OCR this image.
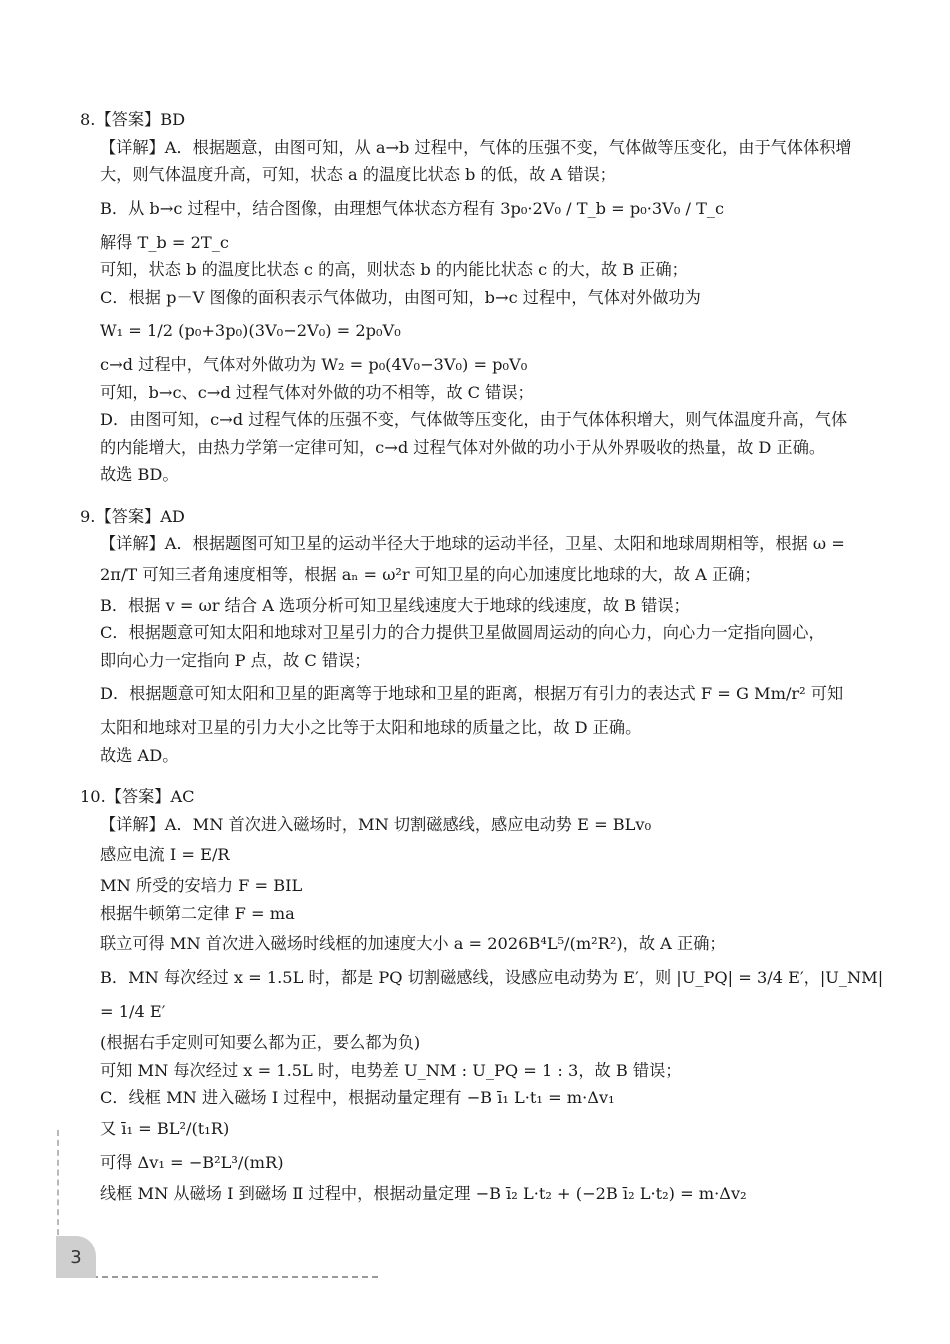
8.【答案】BD
【详解】A．根据题意，由图可知，从 a→b 过程中，气体的压强不变，气体做等压变化，由于气体体积增
大，则气体温度升高，可知，状态 a 的温度比状态 b 的低，故 A 错误；
B．从 b→c 过程中，结合图像，由理想气体状态方程有 3p₀·2V₀ / T_b = p₀·3V₀ / T_c
解得 T_b = 2T_c
可知，状态 b 的温度比状态 c 的高，则状态 b 的内能比状态 c 的大，故 B 正确；
C．根据 p－V 图像的面积表示气体做功，由图可知，b→c 过程中，气体对外做功为
W₁ = 1/2 (p₀+3p₀)(3V₀−2V₀) = 2p₀V₀
c→d 过程中，气体对外做功为 W₂ = p₀(4V₀−3V₀) = p₀V₀
可知，b→c、c→d 过程气体对外做的功不相等，故 C 错误；
D．由图可知，c→d 过程气体的压强不变，气体做等压变化，由于气体体积增大，则气体温度升高，气体
的内能增大，由热力学第一定律可知，c→d 过程气体对外做的功小于从外界吸收的热量，故 D 正确。
故选 BD。
9.【答案】AD
【详解】A．根据题图可知卫星的运动半径大于地球的运动半径，卫星、太阳和地球周期相等，根据 ω =
2π/T 可知三者角速度相等，根据 aₙ = ω²r 可知卫星的向心加速度比地球的大，故 A 正确；
B．根据 v = ωr 结合 A 选项分析可知卫星线速度大于地球的线速度，故 B 错误；
C．根据题意可知太阳和地球对卫星引力的合力提供卫星做圆周运动的向心力，向心力一定指向圆心，
即向心力一定指向 P 点，故 C 错误；
D．根据题意可知太阳和卫星的距离等于地球和卫星的距离，根据万有引力的表达式 F = G Mm/r² 可知
太阳和地球对卫星的引力大小之比等于太阳和地球的质量之比，故 D 正确。
故选 AD。
10.【答案】AC
【详解】A．MN 首次进入磁场时，MN 切割磁感线，感应电动势 E = BLv₀
感应电流 I = E/R
MN 所受的安培力 F = BIL
根据牛顿第二定律 F = ma
联立可得 MN 首次进入磁场时线框的加速度大小 a = 2026B⁴L⁵/(m²R²)，故 A 正确；
B．MN 每次经过 x = 1.5L 时，都是 PQ 切割磁感线，设感应电动势为 E′，则 |U_PQ| = 3/4 E′，|U_NM| = 1/4 E′
(根据右手定则可知要么都为正，要么都为负)
可知 MN 每次经过 x = 1.5L 时，电势差 U_NM : U_PQ = 1 : 3，故 B 错误；
C．线框 MN 进入磁场 Ⅰ 过程中，根据动量定理有 −B ī₁ L·t₁ = m·Δv₁
又 ī₁ = BL²/(t₁R)
可得 Δv₁ = −B²L³/(mR)
线框 MN 从磁场 Ⅰ 到磁场 Ⅱ 过程中，根据动量定理 −B ī₂ L·t₂ + (−2B ī₂ L·t₂) = m·Δv₂
3
